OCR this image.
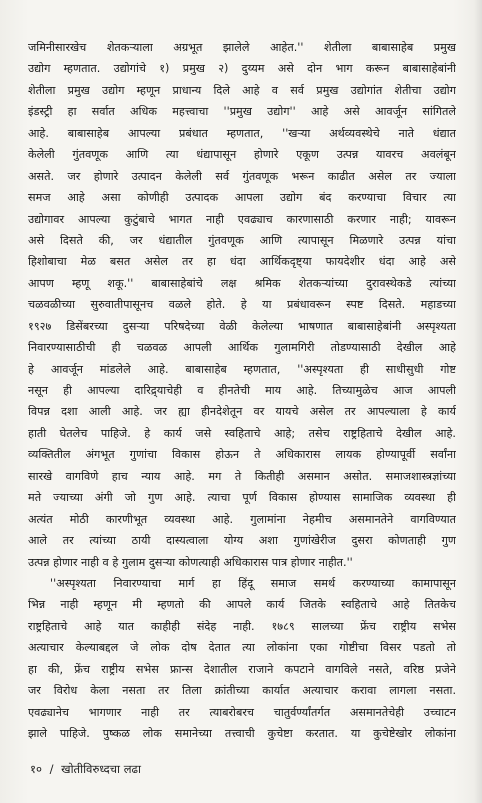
जमिनीसारखेच शेतकऱ्याला अग्रभूत झालेले आहेत.'' शेतीला बाबासाहेब प्रमुख
उद्योग म्हणतात. उद्योगांचे १) प्रमुख २) दुय्यम असे दोन भाग करून बाबासाहेबांनी
शेतीला प्रमुख उद्योग म्हणून प्राधान्य दिले आहे व सर्व प्रमुख उद्योगांत शेतीचा उद्योग
इंडस्ट्री हा सर्वात अधिक महत्त्वाचा ''प्रमुख उद्योग'' आहे असे आवर्जून सांगितले
आहे. बाबासाहेब आपल्या प्रबंधात म्हणतात, ''खऱ्या अर्थव्यवस्थेचे नाते धंद्यात
केलेली गुंतवणूक आणि त्या धंद्यापासून होणारे एकूण उत्पन्न यावरच अवलंबून
असते. जर होणारे उत्पादन केलेली सर्व गुंतवणूक भरून काढीत असेल तर ज्याला
समज आहे असा कोणीही उत्पादक आपला उद्योग बंद करण्याचा विचार त्या
उद्योगावर आपल्या कुटुंबाचे भागत नाही एवढ्याच कारणासाठी करणार नाही; यावरून
असे दिसते की, जर धंद्यातील गुंतवणूक आणि त्यापासून मिळणारे उत्पन्न यांचा
हिशोबाचा मेळ बसत असेल तर हा धंदा आर्थिकदृष्ट्या फायदेशीर धंदा आहे असे
आपण म्हणू शकू.'' बाबासाहेबांचे लक्ष श्रमिक शेतकऱ्यांच्या दुरावस्थेकडे त्यांच्या
चळवळीच्या सुरुवातीपासूनच वळले होते. हे या प्रबंधावरून स्पष्ट दिसते. महाडच्या
१९२७ डिसेंबरच्या दुसऱ्या परिषदेच्या वेळी केलेल्या भाषणात बाबासाहेबांनी अस्पृश्यता
निवारण्यासाठीची ही चळवळ आपली आर्थिक गुलामगिरी तोडण्यासाठी देखील आहे
हे आवर्जून मांडलेले आहे. बाबासाहेब म्हणतात, ''अस्पृश्यता ही साधीसुधी गोष्ट
नसून ही आपल्या दारिद्र्याचेही व हीनतेची माय आहे. तिच्यामुळेच आज आपली
विपन्न दशा आली आहे. जर ह्या हीनदेशेतून वर यायचे असेल तर आपल्याला हे कार्य
हाती घेतलेच पाहिजे. हे कार्य जसे स्वहिताचे आहे; तसेच राष्ट्रहिताचे देखील आहे.
व्यक्तितील अंगभूत गुणांचा विकास होऊन ते अधिकारास लायक होण्यापूर्वी सर्वांना
सारखे वागविणे हाच न्याय आहे. मग ते कितीही असमान असोत. समाजशास्त्रज्ञांच्या
मते ज्याच्या अंगी जो गुण आहे. त्याचा पूर्ण विकास होण्यास सामाजिक व्यवस्था ही
अत्यंत मोठी कारणीभूत व्यवस्था आहे. गुलामांना नेहमीच असमानतेने वागविण्यात
आले तर त्यांच्या ठायी दास्यत्वाला योग्य अशा गुणांखेरीज दुसरा कोणताही गुण
उत्पन्न होणार नाही व हे गुलाम दुसऱ्या कोणत्याही अधिकारास पात्र होणार नाहीत.''
''अस्पृश्यता निवारण्याचा मार्ग हा हिंदू समाज समर्थ करण्याच्या कामापासून
भिन्न नाही म्हणून मी म्हणतो की आपले कार्य जितके स्वहिताचे आहे तितकेच
राष्ट्रहिताचे आहे यात काहीही संदेह नाही. १७८९ सालच्या फ्रेंच राष्ट्रीय सभेस
अत्याचार केल्याबद्दल जे लोक दोष देतात त्या लोकांना एका गोष्टीचा विसर पडतो तो
हा की, फ्रेंच राष्ट्रीय सभेस फ्रान्स देशातील राजाने कपटाने वागविले नसते, वरिष्ठ प्रजेने
जर विरोध केला नसता तर तिला क्रांतीच्या कार्यात अत्याचार करावा लागला नसता.
एवढ्यानेच भागणार नाही तर त्याबरोबरच चातुर्वर्ण्यांतर्गत असमानतेचेही उच्चाटन
झाले पाहिजे. पुष्कळ लोक समानेच्या तत्त्वाची कुचेष्टा करतात. या कुचेष्टेखोर लोकांना
१० / खोतीविरुध्दचा लढा
